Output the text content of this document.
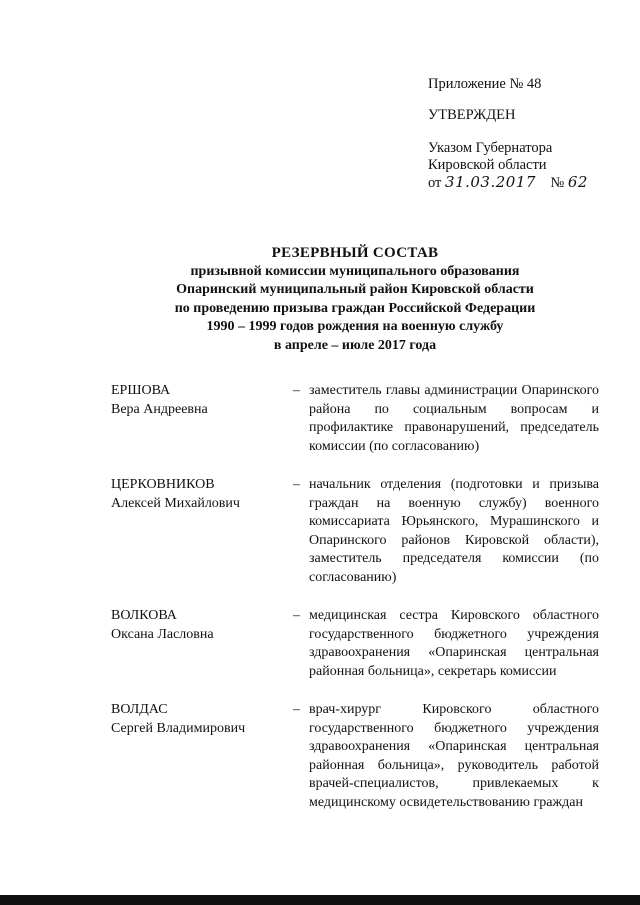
Приложение № 48
УТВЕРЖДЕН
Указом Губернатора
Кировской области
от 31.03.2017 № 62
РЕЗЕРВНЫЙ СОСТАВ
призывной комиссии муниципального образования
Опаринский муниципальный район Кировской области
по проведению призыва граждан Российской Федерации
1990 – 1999 годов рождения на военную службу
в апреле – июле 2017 года
ЕРШОВА
Вера Андреевна
– заместитель главы администрации Опаринского района по социальным вопросам и профилактике правонарушений, председатель комиссии (по согласованию)
ЦЕРКОВНИКОВ
Алексей Михайлович
– начальник отделения (подготовки и призыва граждан на военную службу) военного комиссариата Юрьянского, Мурашинского и Опаринского районов Кировской области), заместитель председателя комиссии (по согласованию)
ВОЛКОВА
Оксана Ласловна
– медицинская сестра Кировского областного государственного бюджетного учреждения здравоохранения «Опаринская центральная районная больница», секретарь комиссии
ВОЛДАС
Сергей Владимирович
– врач-хирург Кировского областного государственного бюджетного учреждения здравоохранения «Опаринская центральная районная больница», руководитель работой врачей-специалистов, привлекаемых к медицинскому освидетельствованию граждан
